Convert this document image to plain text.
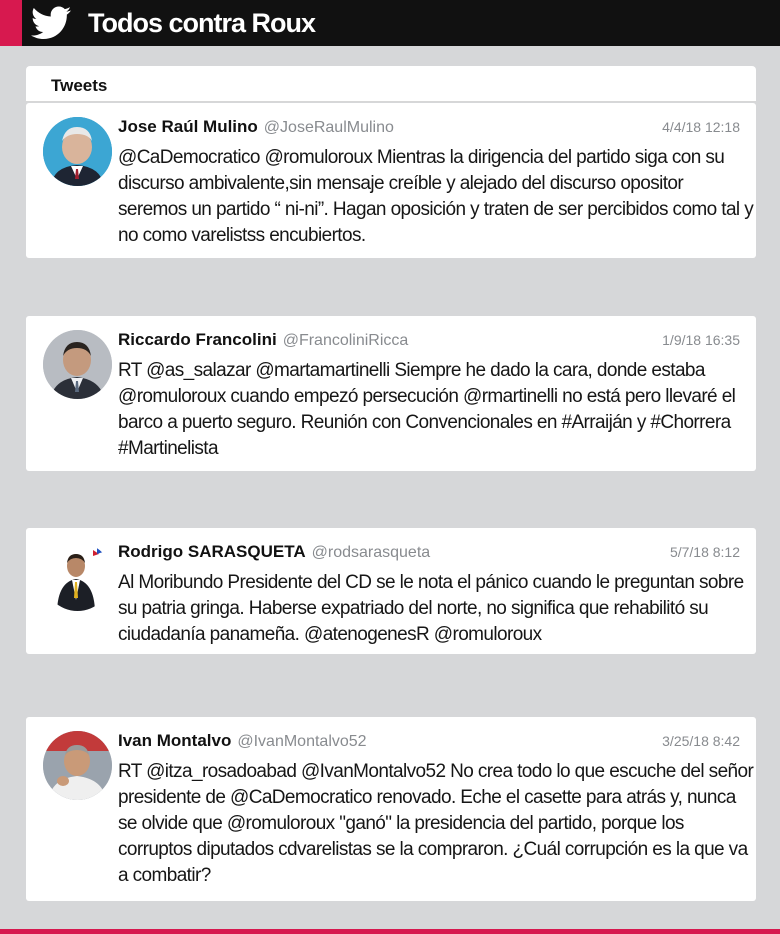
Todos contra Roux
Tweets
Jose Raúl Mulino @JoseRaulMulino	4/4/18 12:18
@CaDemocratico @romuloroux Mientras la dirigencia del partido siga con su discurso ambivalente,sin mensaje creíble y alejado del discurso opositor seremos un partido “ ni-ni”. Hagan oposición y traten de ser percibidos como tal y no como varelistss encubiertos.
Riccardo Francolini @FrancoliniRicca	1/9/18 16:35
RT @as_salazar @martamartinelli Siempre he dado la cara, donde estaba @romuloroux cuando empezó persecución @rmartinelli no está pero llevaré el barco a puerto seguro. Reunión con Convencionales en #Arraiján y #Chorrera #Martinelista
Rodrigo SARASQUETA @rodsarasqueta	5/7/18 8:12
Al Moribundo Presidente del CD se le nota el pánico cuando le preguntan sobre su patria gringa. Haberse expatriado del norte, no significa que rehabilitó su ciudadanía panameña. @atenogenesR @romuloroux
Ivan Montalvo @IvanMontalvo52	3/25/18 8:42
RT @itza_rosadoabad @IvanMontalvo52 No crea todo lo que escuche del señor presidente de @CaDemocratico renovado. Eche el casette para atrás y, nunca se olvide que @romuloroux "ganó" la presidencia del partido, porque los corruptos diputados cdvarelistas se la compraron. ¿Cuál corrupción es la que va a combatir?
